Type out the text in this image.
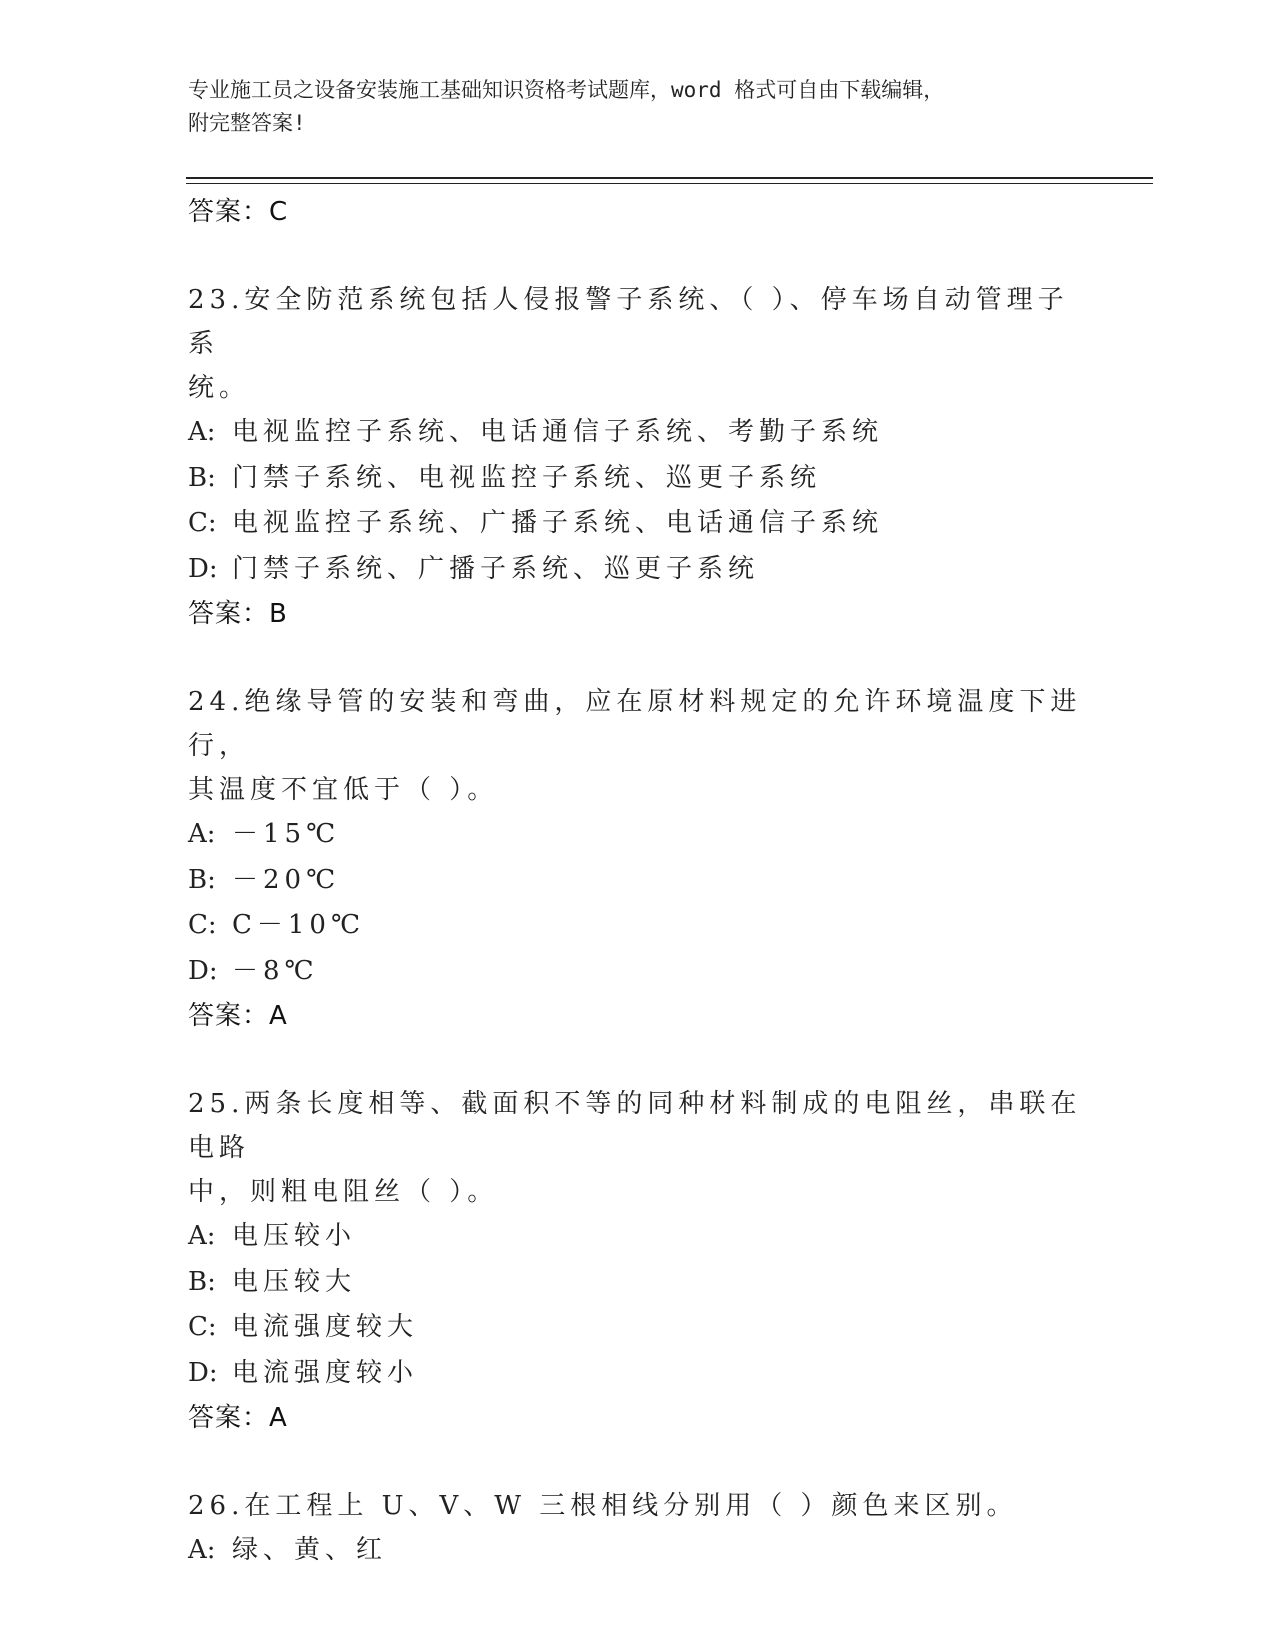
专业施工员之设备安装施工基础知识资格考试题库，word 格式可自由下载编辑，
附完整答案!
答案：C
23.安全防范系统包括人侵报警子系统、（ ）、停车场自动管理子系
统。
A: 电视监控子系统、电话通信子系统、考勤子系统
B: 门禁子系统、电视监控子系统、巡更子系统
C: 电视监控子系统、广播子系统、电话通信子系统
D: 门禁子系统、广播子系统、巡更子系统
答案：B
24.绝缘导管的安装和弯曲，应在原材料规定的允许环境温度下进行，
其温度不宜低于（ ）。
A: －15℃
B: －20℃
C: C－10℃
D: －8℃
答案：A
25.两条长度相等、截面积不等的同种材料制成的电阻丝，串联在电路
中，则粗电阻丝（ ）。
A: 电压较小
B: 电压较大
C: 电流强度较大
D: 电流强度较小
答案：A
26.在工程上 U、V、W 三根相线分别用（ ）颜色来区别。
A: 绿、黄、红
